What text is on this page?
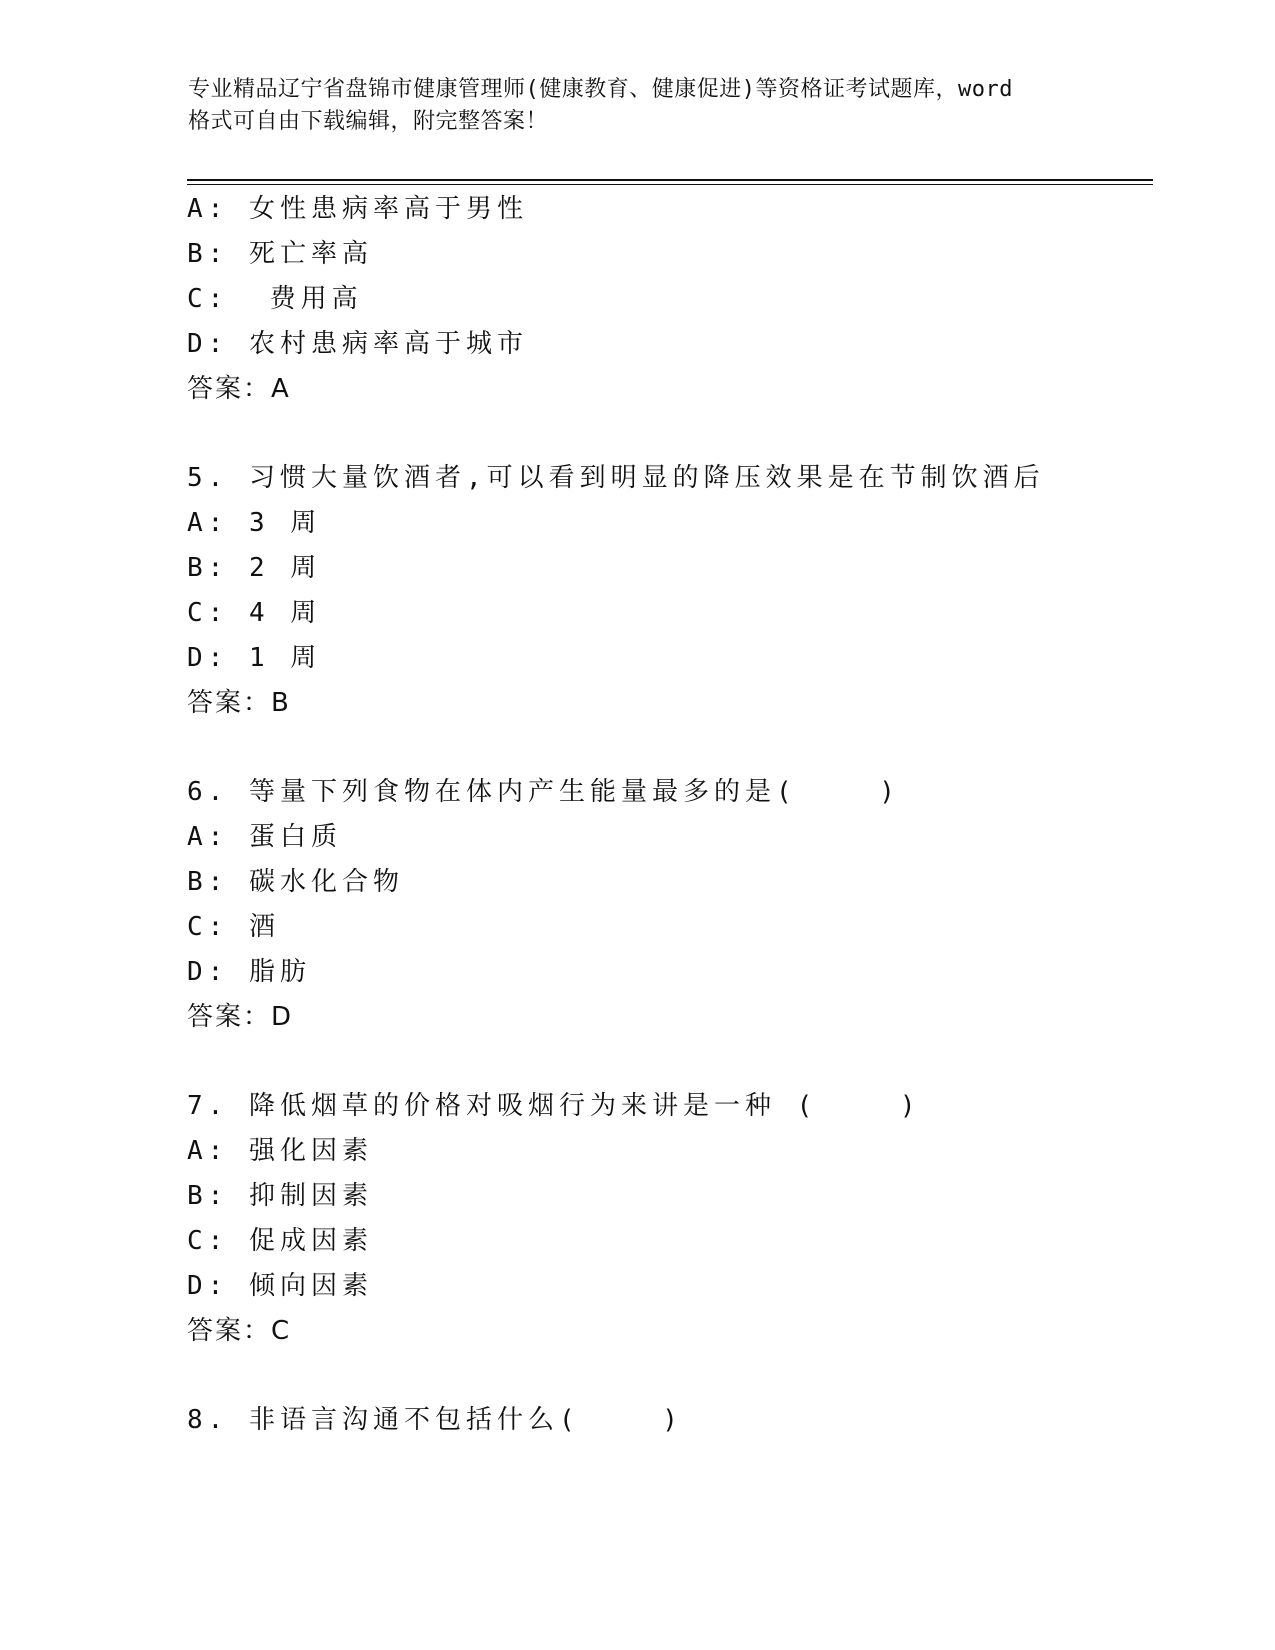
专业精品辽宁省盘锦市健康管理师(健康教育、健康促进)等资格证考试题库，word
格式可自由下载编辑，附完整答案！
A: 女性患病率高于男性
B: 死亡率高
C:  费用高
D: 农村患病率高于城市
答案：A
5. 习惯大量饮酒者,可以看到明显的降压效果是在节制饮酒后
A: 3 周
B: 2 周
C: 4 周
D: 1 周
答案：B
6. 等量下列食物在体内产生能量最多的是(    )
A: 蛋白质
B: 碳水化合物
C: 酒
D: 脂肪
答案：D
7. 降低烟草的价格对吸烟行为来讲是一种 (    )
A: 强化因素
B: 抑制因素
C: 促成因素
D: 倾向因素
答案：C
8. 非语言沟通不包括什么(    )
